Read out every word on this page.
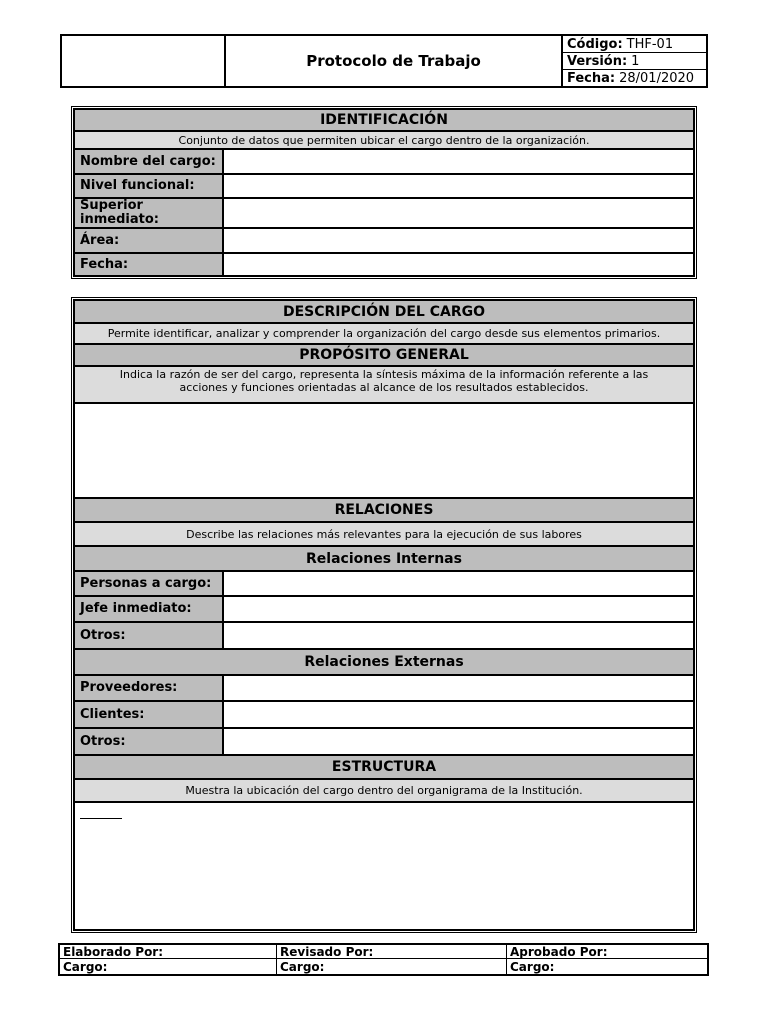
Protocolo de Trabajo
Código: THF-01
Versión: 1
Fecha: 28/01/2020
IDENTIFICACIÓN
Conjunto de datos que permiten ubicar el cargo dentro de la organización.
Nombre del cargo:
Nivel funcional:
Superior inmediato:
Área:
Fecha:
DESCRIPCIÓN DEL CARGO
Permite identificar, analizar y comprender la organización del cargo desde sus elementos primarios.
PROPÓSITO GENERAL
Indica la razón de ser del cargo, representa la síntesis máxima de la información referente a las acciones y funciones orientadas al alcance de los resultados establecidos.
RELACIONES
Describe las relaciones más relevantes para la ejecución de sus labores
Relaciones Internas
Personas a cargo:
Jefe inmediato:
Otros:
Relaciones Externas
Proveedores:
Clientes:
Otros:
ESTRUCTURA
Muestra la ubicación del cargo dentro del organigrama de la Institución.
Elaborado Por:	Revisado Por:	Aprobado Por:
Cargo:	Cargo:	Cargo:
